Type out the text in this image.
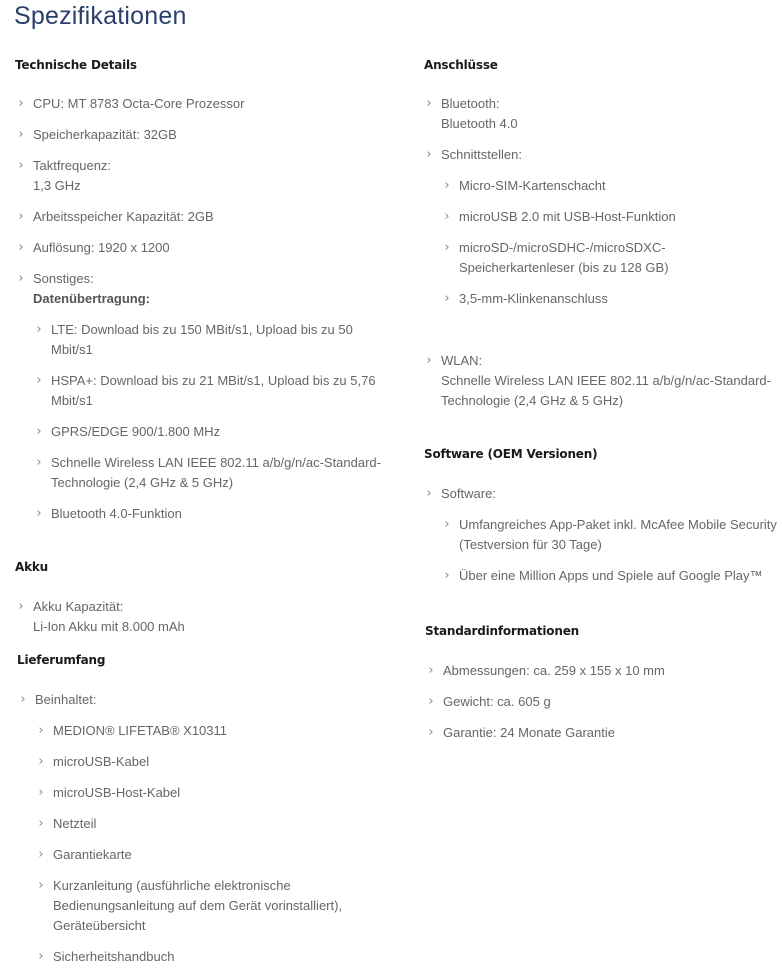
Spezifikationen
Technische Details
› CPU: MT 8783 Octa-Core Prozessor
› Speicherkapazität: 32GB
› Taktfrequenz:
1,3 GHz
› Arbeitsspeicher Kapazität: 2GB
› Auflösung: 1920 x 1200
› Sonstiges:
Datenübertragung:
› LTE: Download bis zu 150 MBit/s1, Upload bis zu 50 Mbit/s1
› HSPA+: Download bis zu 21 MBit/s1, Upload bis zu 5,76 Mbit/s1
› GPRS/EDGE 900/1.800 MHz
› Schnelle Wireless LAN IEEE 802.11 a/b/g/n/ac-Standard-Technologie (2,4 GHz & 5 GHz)
› Bluetooth 4.0-Funktion
Akku
› Akku Kapazität:
Li-Ion Akku mit 8.000 mAh
Lieferumfang
› Beinhaltet:
› MEDION® LIFETAB® X10311
› microUSB-Kabel
› microUSB-Host-Kabel
› Netzteil
› Garantiekarte
› Kurzanleitung (ausführliche elektronische Bedienungsanleitung auf dem Gerät vorinstalliert), Geräteübersicht
› Sicherheitshandbuch
Anschlüsse
› Bluetooth:
Bluetooth 4.0
› Schnittstellen:
› Micro-SIM-Kartenschacht
› microUSB 2.0 mit USB-Host-Funktion
› microSD-/microSDHC-/microSDXC-Speicherkartenleser (bis zu 128 GB)
› 3,5-mm-Klinkenanschluss
› WLAN:
Schnelle Wireless LAN IEEE 802.11 a/b/g/n/ac-Standard-Technologie (2,4 GHz & 5 GHz)
Software (OEM Versionen)
› Software:
› Umfangreiches App-Paket inkl. McAfee Mobile Security (Testversion für 30 Tage)
› Über eine Million Apps und Spiele auf Google Play™
Standardinformationen
› Abmessungen: ca. 259 x 155 x 10 mm
› Gewicht: ca. 605 g
› Garantie: 24 Monate Garantie
